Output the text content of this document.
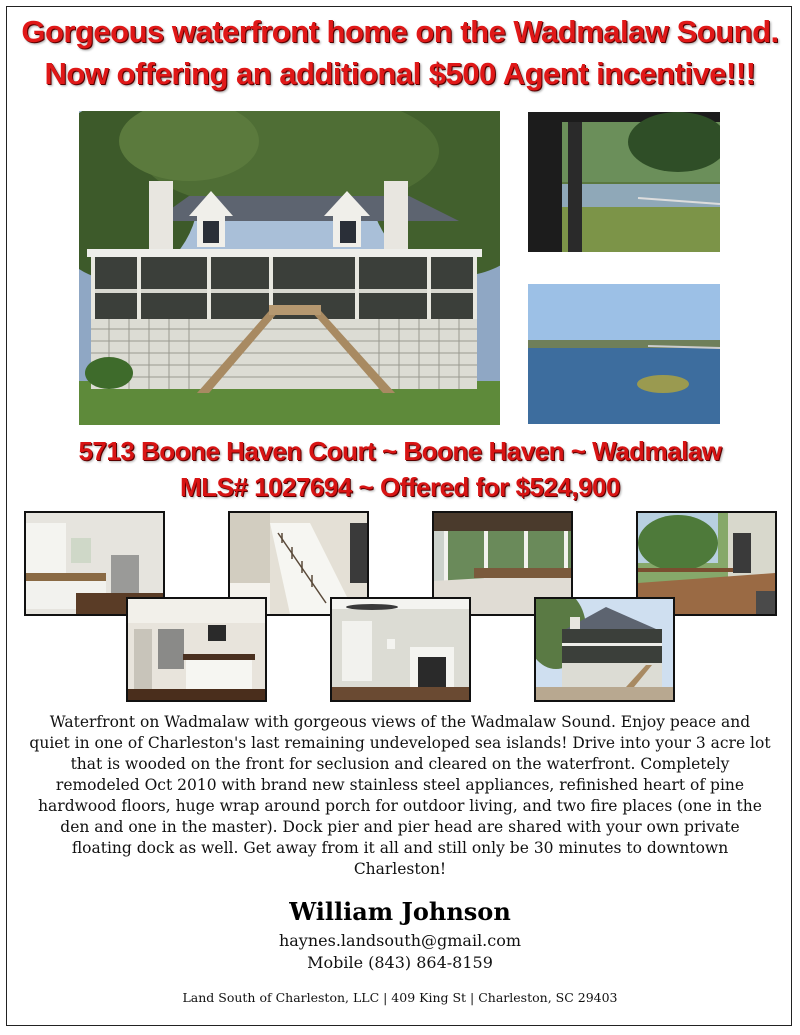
Gorgeous waterfront home on the Wadmalaw Sound.
Now offering an additional $500 Agent incentive!!!
5713 Boone Haven Court ~ Boone Haven ~ Wadmalaw
MLS# 1027694 ~ Offered for $524,900
Waterfront on Wadmalaw with gorgeous views of the Wadmalaw Sound. Enjoy peace and quiet in one of Charleston's last remaining undeveloped sea islands! Drive into your 3 acre lot that is wooded on the front for seclusion and cleared on the waterfront. Completely remodeled Oct 2010 with brand new stainless steel appliances, refinished heart of pine hardwood floors, huge wrap around porch for outdoor living, and two fire places (one in the den and one in the master). Dock pier and pier head are shared with your own private floating dock as well. Get away from it all and still only be 30 minutes to downtown Charleston!
William Johnson
haynes.landsouth@gmail.com
Mobile (843) 864-8159
Land South of Charleston, LLC | 409 King St | Charleston, SC 29403
